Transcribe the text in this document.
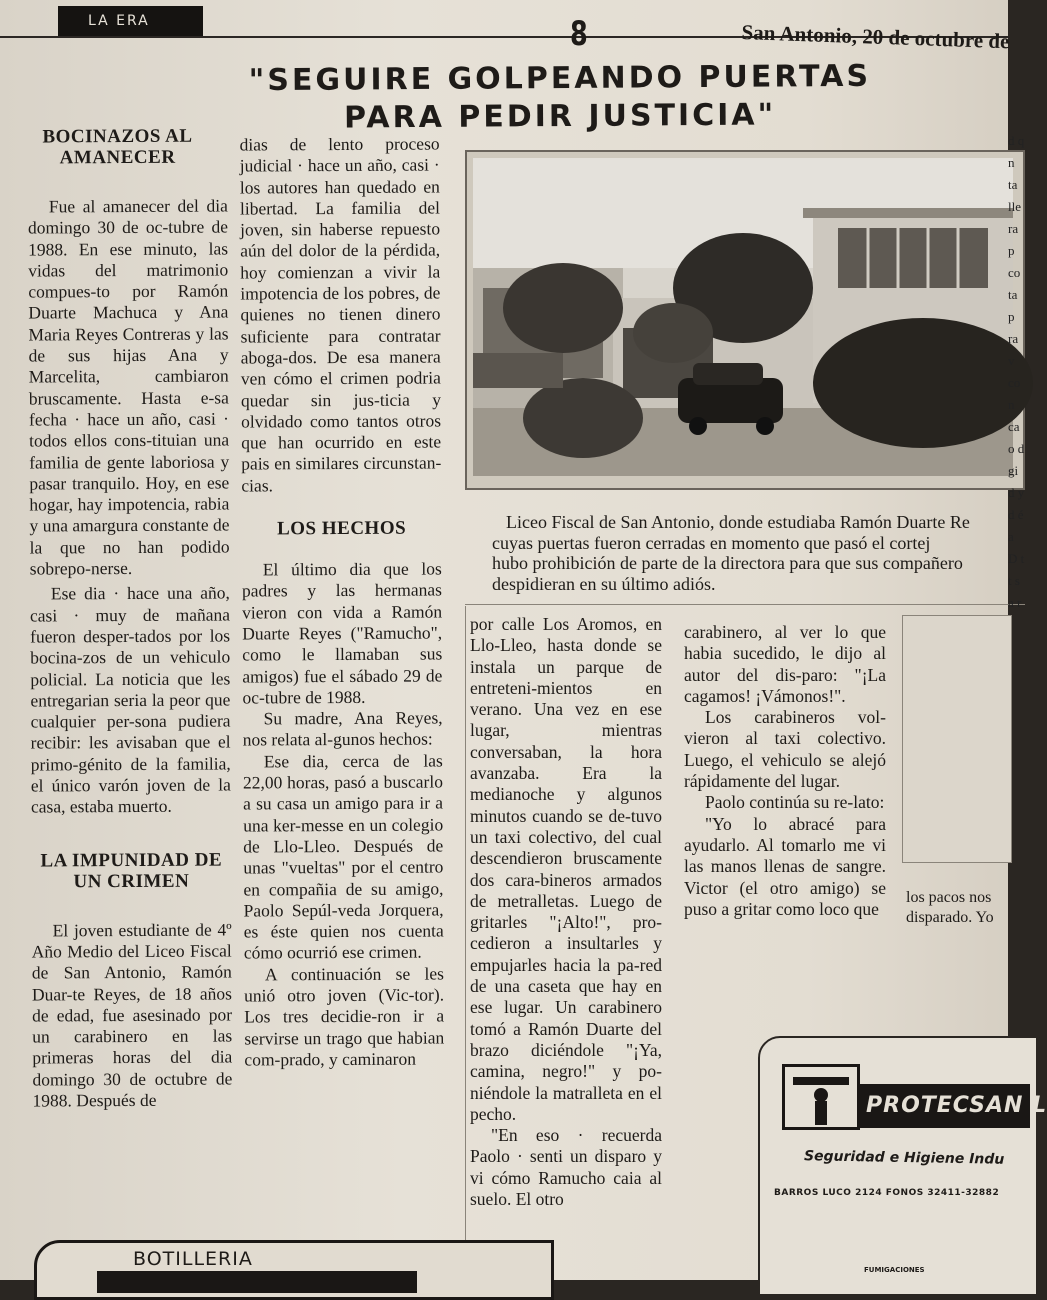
LA ERA	8	San Antonio, 20 de octubre de
"SEGUIRE GOLPEANDO PUERTAS
PARA PEDIR JUSTICIA"
BOCINAZOS AL AMANECER

Fue al amanecer del dia domingo 30 de oc-tubre de 1988. En ese minuto, las vidas del matrimonio compues-to por Ramón Duarte Machuca y Ana Maria Reyes Contreras y las de sus hijas Ana y Marcelita, cambiaron bruscamente. Hasta e-sa fecha · hace un año, casi · todos ellos cons-tituian una familia de gente laboriosa y pasar tranquilo. Hoy, en ese hogar, hay impotencia, rabia y una amargura constante de la que no han podido sobrepo-nerse.

Ese dia · hace una año, casi · muy de mañana fueron desper-tados por los bocina-zos de un vehiculo policial. La noticia que les entregarian seria la peor que cualquier per-sona pudiera recibir: les avisaban que el primo-génito de la familia, el único varón joven de la casa, estaba muerto.

LA IMPUNIDAD DE UN CRIMEN

El joven estudiante de 4º Año Medio del Liceo Fiscal de San Antonio, Ramón Duar-te Reyes, de 18 años de edad, fue asesinado por un carabinero en las primeras horas del dia domingo 30 de octubre de 1988. Después de

dias de lento proceso judicial · hace un año, casi · los autores han quedado en libertad. La familia del joven, sin haberse repuesto aún del dolor de la pérdida, hoy comienzan a vivir la impotencia de los pobres, de quienes no tienen dinero suficiente para contratar aboga-dos. De esa manera ven cómo el crimen podria quedar sin jus-ticia y olvidado como tantos otros que han ocurrido en este pais en similares circunstan-cias.

LOS HECHOS

El último dia que los padres y las hermanas vieron con vida a Ramón Duarte Reyes ("Ramucho", como le llamaban sus amigos) fue el sábado 29 de oc-tubre de 1988.

Su madre, Ana Reyes, nos relata al-gunos hechos:

Ese dia, cerca de las 22,00 horas, pasó a buscarlo a su casa un amigo para ir a una ker-messe en un colegio de Llo-Lleo. Después de unas "vueltas" por el centro en compañia de su amigo, Paolo Sepúl-veda Jorquera, es éste quien nos cuenta cómo ocurrió ese crimen.

A continuación se les unió otro joven (Vic-tor). Los tres decidie-ron ir a servirse un trago que habian com-prado, y caminaron

Liceo Fiscal de San Antonio, donde estudiaba Ramón Duarte Re
cuyas puertas fueron cerradas en momento que pasó el cortej
hubo prohibición de parte de la directora para que sus compañero
despidieran en su último adiós.

por calle Los Aromos, en Llo-Lleo, hasta donde se instala un parque de entreteni-mientos en verano. Una vez en ese lugar, mientras conversaban, la hora avanzaba. Era la medianoche y algunos minutos cuando se de-tuvo un taxi colectivo, del cual descendieron bruscamente dos cara-bineros armados de metralletas. Luego de gritarles "¡Alto!", pro-cedieron a insultarles y empujarles hacia la pa-red de una caseta que hay en ese lugar. Un carabinero tomó a Ramón Duarte del brazo diciéndole "¡Ya, camina, negro!" y po-niéndole la matralleta en el pecho.

"En eso · recuerda Paolo · senti un disparo y vi cómo Ramucho caia al suelo. El otro

carabinero, al ver lo que habia sucedido, le dijo al autor del dis-paro: "¡La cagamos! ¡Vámonos!".

Los carabineros vol-vieron al taxi colectivo. Luego, el vehiculo se alejó rápidamente del lugar.

Paolo continúa su re-lato:

"Yo lo abracé para ayudarlo. Al tomarlo me vi las manos llenas de sangre. Victor (el otro amigo) se puso a gritar como loco que

los pacos nos disparado. Yo

PROTECSAN L
Seguridad e Higiene Indu
BARROS LUCO 2124 FONOS 32411-32882
FUMIGACIONES
BOTILLERIA
d q n ta lle ra p co ta p ra v co n ca o d gi d y d é a D t t s a r
